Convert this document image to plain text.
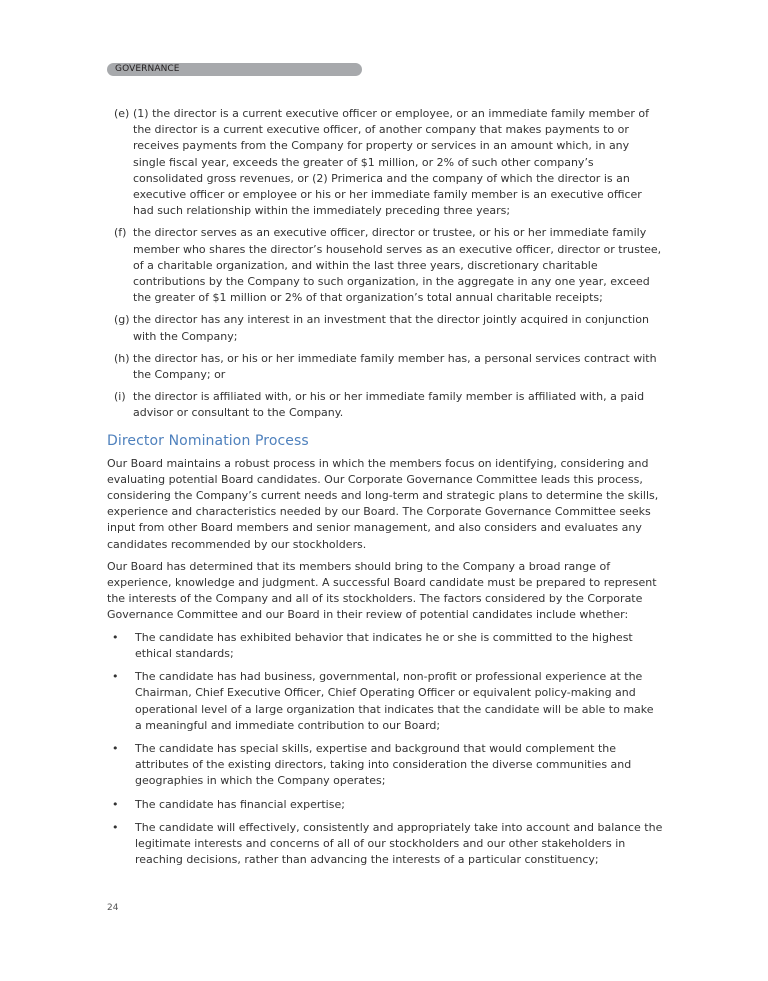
GOVERNANCE
(e) (1) the director is a current executive officer or employee, or an immediate family member of the director is a current executive officer, of another company that makes payments to or receives payments from the Company for property or services in an amount which, in any single fiscal year, exceeds the greater of $1 million, or 2% of such other company’s consolidated gross revenues, or (2) Primerica and the company of which the director is an executive officer or employee or his or her immediate family member is an executive officer had such relationship within the immediately preceding three years;
(f) the director serves as an executive officer, director or trustee, or his or her immediate family member who shares the director’s household serves as an executive officer, director or trustee, of a charitable organization, and within the last three years, discretionary charitable contributions by the Company to such organization, in the aggregate in any one year, exceed the greater of $1 million or 2% of that organization’s total annual charitable receipts;
(g) the director has any interest in an investment that the director jointly acquired in conjunction with the Company;
(h) the director has, or his or her immediate family member has, a personal services contract with the Company; or
(i) the director is affiliated with, or his or her immediate family member is affiliated with, a paid advisor or consultant to the Company.
Director Nomination Process

Our Board maintains a robust process in which the members focus on identifying, considering and evaluating potential Board candidates. Our Corporate Governance Committee leads this process, considering the Company’s current needs and long-term and strategic plans to determine the skills, experience and characteristics needed by our Board. The Corporate Governance Committee seeks input from other Board members and senior management, and also considers and evaluates any candidates recommended by our stockholders.

Our Board has determined that its members should bring to the Company a broad range of experience, knowledge and judgment. A successful Board candidate must be prepared to represent the interests of the Company and all of its stockholders. The factors considered by the Corporate Governance Committee and our Board in their review of potential candidates include whether:

•	The candidate has exhibited behavior that indicates he or she is committed to the highest ethical standards;
•	The candidate has had business, governmental, non-profit or professional experience at the Chairman, Chief Executive Officer, Chief Operating Officer or equivalent policy-making and operational level of a large organization that indicates that the candidate will be able to make a meaningful and immediate contribution to our Board;
•	The candidate has special skills, expertise and background that would complement the attributes of the existing directors, taking into consideration the diverse communities and geographies in which the Company operates;
•	The candidate has financial expertise;
•	The candidate will effectively, consistently and appropriately take into account and balance the legitimate interests and concerns of all of our stockholders and our other stakeholders in reaching decisions, rather than advancing the interests of a particular constituency;
24
